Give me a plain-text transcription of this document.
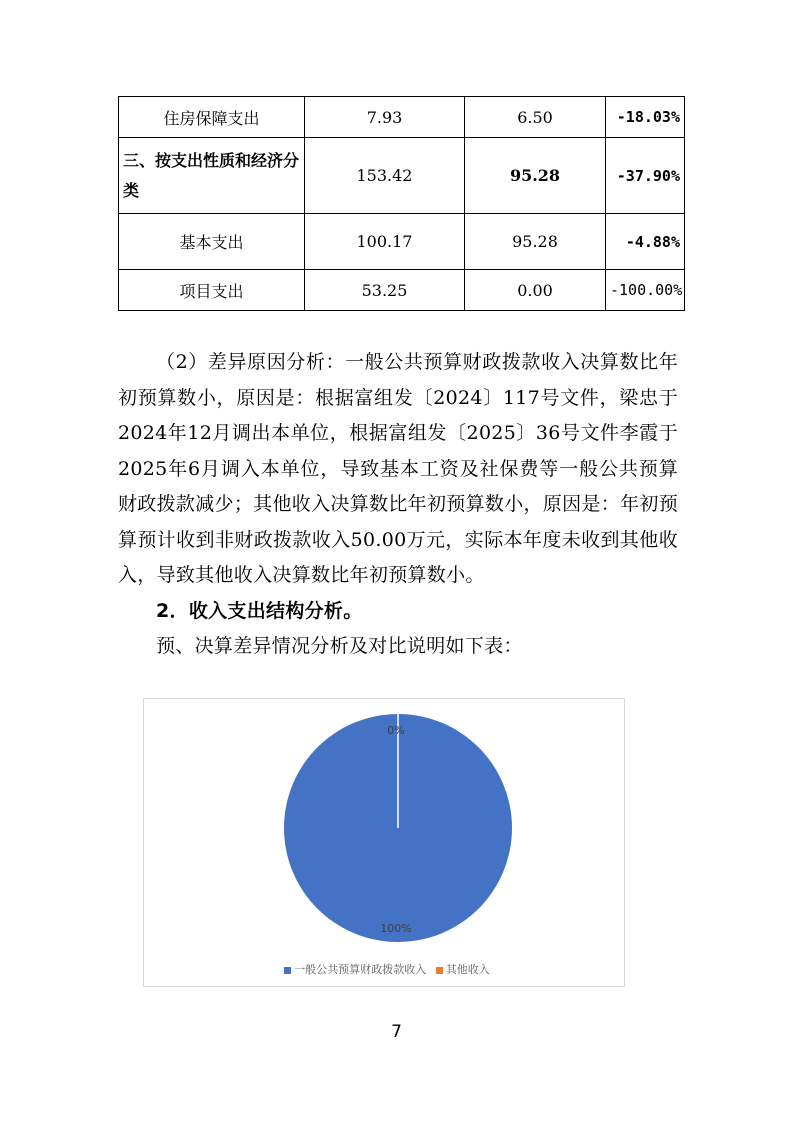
住房保障支出	7.93	6.50	-18.03%
三、按支出性质和经济分类	153.42	95.28	-37.90%
基本支出	100.17	95.28	-4.88%
项目支出	53.25	0.00	-100.00%

（2）差异原因分析：一般公共预算财政拨款收入决算数比年初预算数小，原因是：根据富组发〔2024〕117号文件，梁忠于2024年12月调出本单位，根据富组发〔2025〕36号文件李霞于2025年6月调入本单位，导致基本工资及社保费等一般公共预算财政拨款减少；其他收入决算数比年初预算数小，原因是：年初预算预计收到非财政拨款收入50.00万元，实际本年度未收到其他收入，导致其他收入决算数比年初预算数小。

2．收入支出结构分析。

预、决算差异情况分析及对比说明如下表：

100%
0%
一般公共预算财政拨款收入 其他收入
7
